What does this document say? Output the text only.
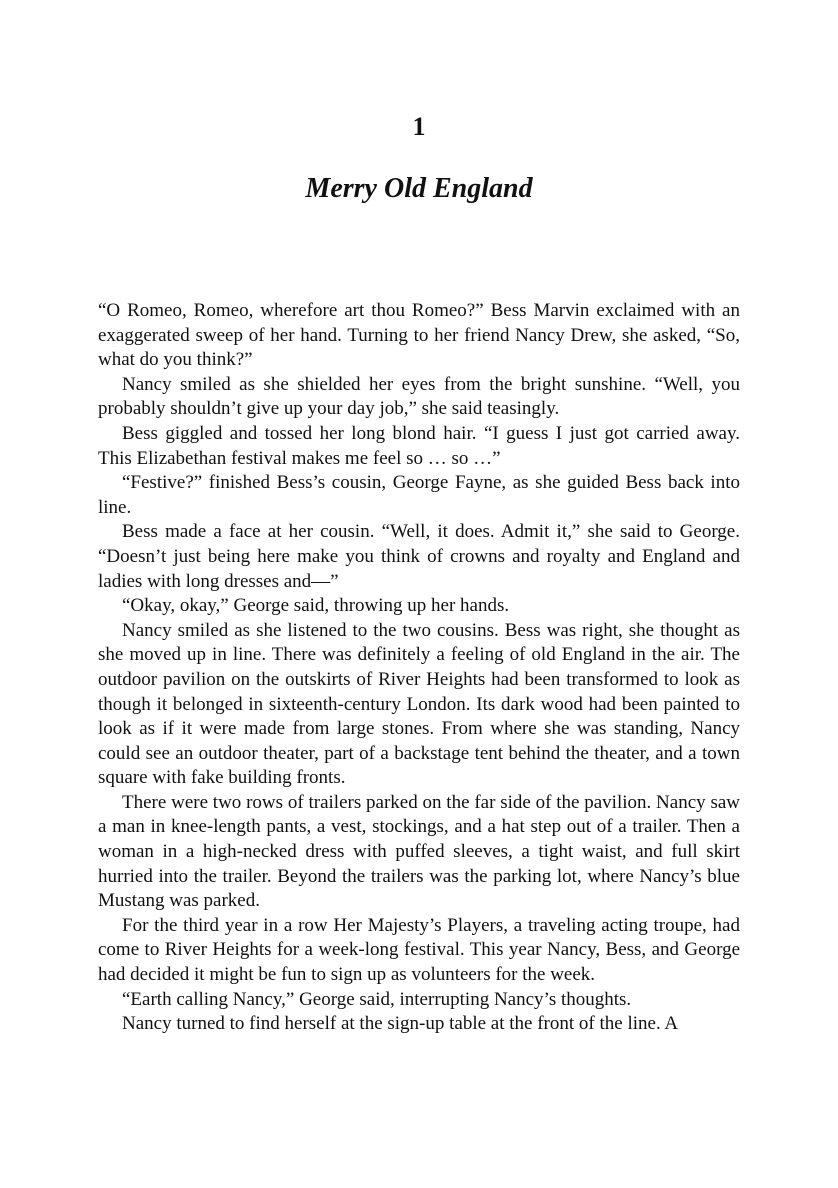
1
Merry Old England

“O Romeo, Romeo, wherefore art thou Romeo?” Bess Marvin exclaimed with an exaggerated sweep of her hand. Turning to her friend Nancy Drew, she asked, “So, what do you think?”

Nancy smiled as she shielded her eyes from the bright sunshine. “Well, you probably shouldn’t give up your day job,” she said teasingly.

Bess giggled and tossed her long blond hair. “I guess I just got carried away. This Elizabethan festival makes me feel so … so …”

“Festive?” finished Bess’s cousin, George Fayne, as she guided Bess back into line.

Bess made a face at her cousin. “Well, it does. Admit it,” she said to George. “Doesn’t just being here make you think of crowns and royalty and England and ladies with long dresses and—”

“Okay, okay,” George said, throwing up her hands.

Nancy smiled as she listened to the two cousins. Bess was right, she thought as she moved up in line. There was definitely a feeling of old England in the air. The outdoor pavilion on the outskirts of River Heights had been transformed to look as though it belonged in sixteenth-century London. Its dark wood had been painted to look as if it were made from large stones. From where she was standing, Nancy could see an outdoor theater, part of a backstage tent behind the theater, and a town square with fake building fronts.

There were two rows of trailers parked on the far side of the pavilion. Nancy saw a man in knee-length pants, a vest, stockings, and a hat step out of a trailer. Then a woman in a high-necked dress with puffed sleeves, a tight waist, and full skirt hurried into the trailer. Beyond the trailers was the parking lot, where Nancy’s blue Mustang was parked.

For the third year in a row Her Majesty’s Players, a traveling acting troupe, had come to River Heights for a week-long festival. This year Nancy, Bess, and George had decided it might be fun to sign up as volunteers for the week.

“Earth calling Nancy,” George said, interrupting Nancy’s thoughts.

Nancy turned to find herself at the sign-up table at the front of the line. A
